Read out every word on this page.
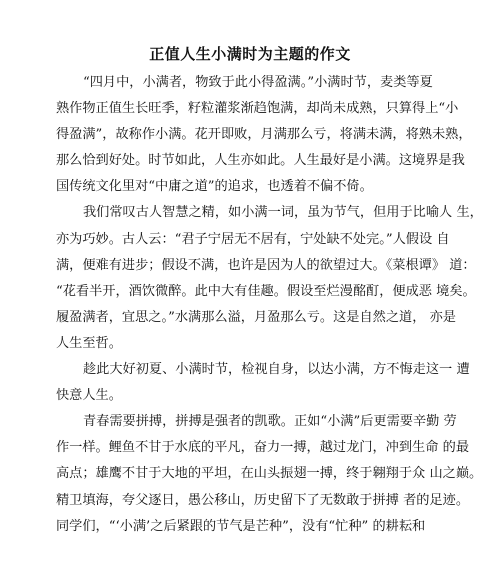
正值人生小满时为主题的作文
“四月中，小满者，物致于此小得盈满。”小满时节，麦类等夏
熟作物正值生长旺季，籽粒灌浆渐趋饱满，却尚未成熟，只算得上“小
得盈满”，故称作小满。花开即败，月满那么亏，将满未满，将熟未熟，
那么恰到好处。时节如此，人生亦如此。人生最好是小满。这境界是我
国传统文化里对“中庸之道”的追求，也透着不偏不倚。
我们常叹古人智慧之精，如小满一词，虽为节气，但用于比喻人 生，
亦为巧妙。古人云：“君子宁居无不居有，宁处缺不处完。”人假设 自
满，便难有进步；假设不满，也许是因为人的欲望过大。《菜根谭》 道：
“花看半开，酒饮微醉。此中大有佳趣。假设至烂漫酩酊，便成恶 境矣。
履盈满者，宜思之。”水满那么溢，月盈那么亏。这是自然之道， 亦是
人生至哲。
趁此大好初夏、小满时节，检视自身，以达小满，方不悔走这一 遭
快意人生。
青春需要拼搏，拼搏是强者的凯歌。正如“小满”后更需要辛勤 劳
作一样。鲤鱼不甘于水底的平凡，奋力一搏，越过龙门，冲到生命 的最
高点；雄鹰不甘于大地的平坦，在山头振翅一搏，终于翱翔于众 山之巅。
精卫填海，夸父逐日，愚公移山，历史留下了无数敢于拼搏 者的足迹。
同学们，“‘小满’之后紧跟的节气是芒种”，没有“忙种” 的耕耘和
